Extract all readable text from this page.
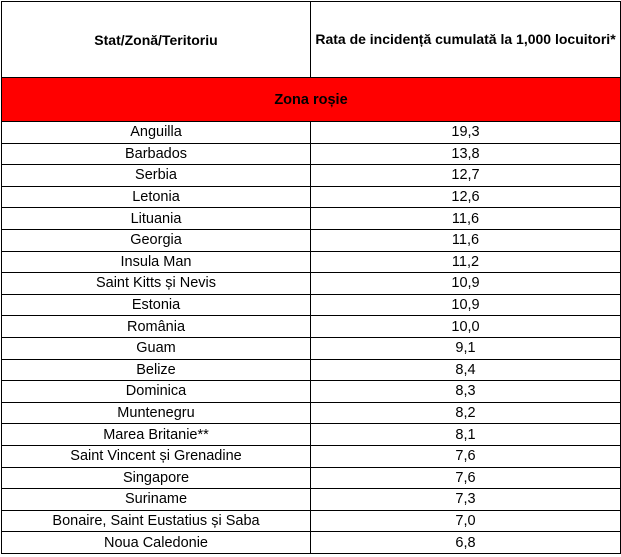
Stat/Zonă/Teritoriu	Rata de incidență cumulată la 1,000 locuitori*
Zona roșie	
Anguilla	19,3
Barbados	13,8
Serbia	12,7
Letonia	12,6
Lituania	11,6
Georgia	11,6
Insula Man	11,2
Saint Kitts și Nevis	10,9
Estonia	10,9
România	10,0
Guam	9,1
Belize	8,4
Dominica	8,3
Muntenegru	8,2
Marea Britanie**	8,1
Saint Vincent și Grenadine	7,6
Singapore	7,6
Suriname	7,3
Bonaire, Saint Eustatius și Saba	7,0
Noua Caledonie	6,8
